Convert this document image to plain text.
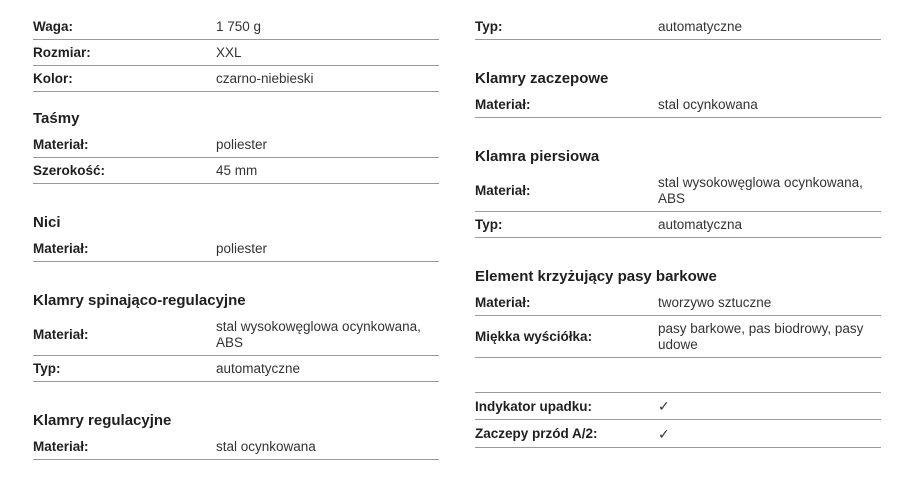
Waga:	1 750 g
Rozmiar:	XXL
Kolor:	czarno-niebieski
Taśmy
Materiał:	poliester
Szerokość:	45 mm
Nici
Materiał:	poliester
Klamry spinająco-regulacyjne
Materiał:
stal wysokowęglowa ocynkowana, ABS
Typ:	automatyczne
Klamry regulacyjne
Materiał:	stal ocynkowana
Typ:	automatyczne
Klamry zaczepowe
Materiał:	stal ocynkowana
Klamra piersiowa
Materiał:
stal wysokowęglowa ocynkowana, ABS
Typ:	automatyczna
Element krzyżujący pasy barkowe
Materiał:	tworzywo sztuczne
Miękka wyściółka:
pasy barkowe, pas biodrowy, pasy udowe
Indykator upadku:	✓
Zaczepy przód A/2:	✓
